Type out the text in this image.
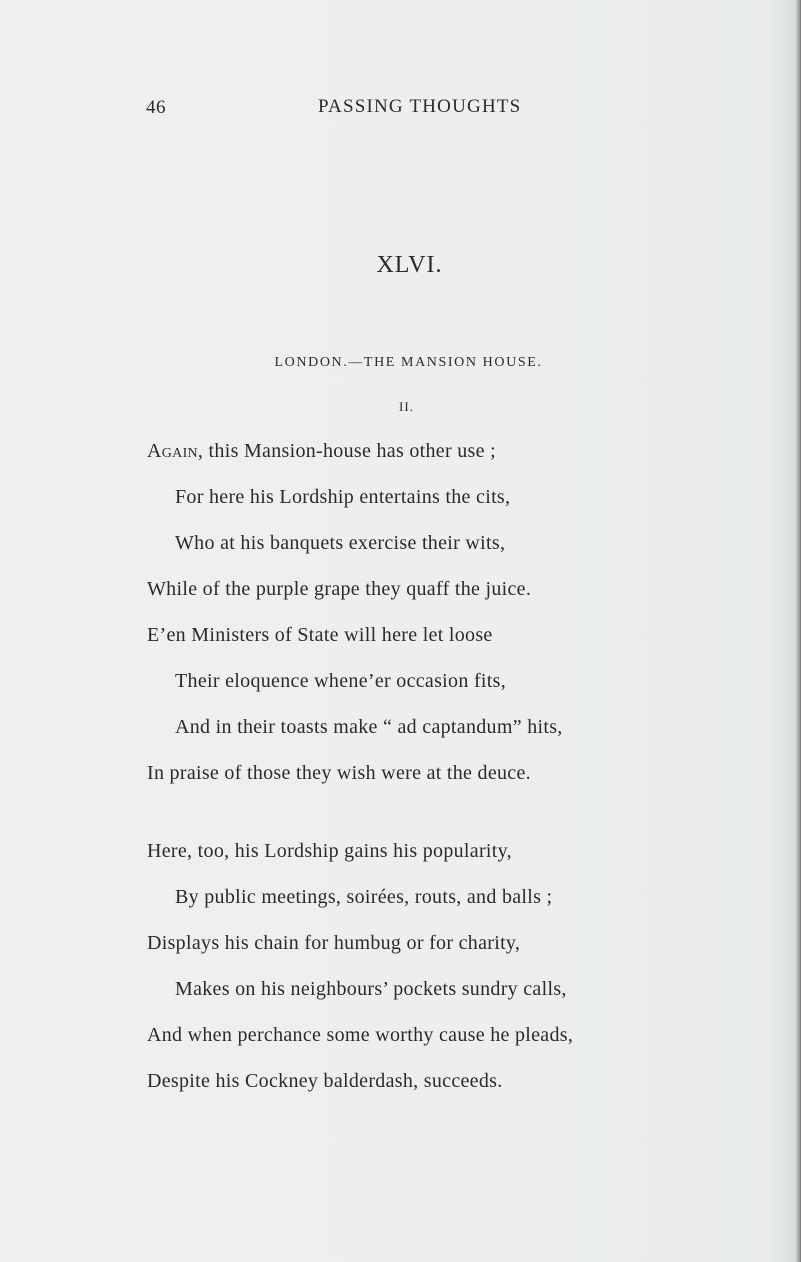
46	PASSING THOUGHTS
XLVI.
LONDON.—THE MANSION HOUSE.
II.
Again, this Mansion-house has other use ;
For here his Lordship entertains the cits,
Who at his banquets exercise their wits,
While of the purple grape they quaff the juice.
E’en Ministers of State will here let loose
Their eloquence whene’er occasion fits,
And in their toasts make “ ad captandum” hits,
In praise of those they wish were at the deuce.
Here, too, his Lordship gains his popularity,
By public meetings, soirées, routs, and balls ;
Displays his chain for humbug or for charity,
Makes on his neighbours’ pockets sundry calls,
And when perchance some worthy cause he pleads,
Despite his Cockney balderdash, succeeds.
